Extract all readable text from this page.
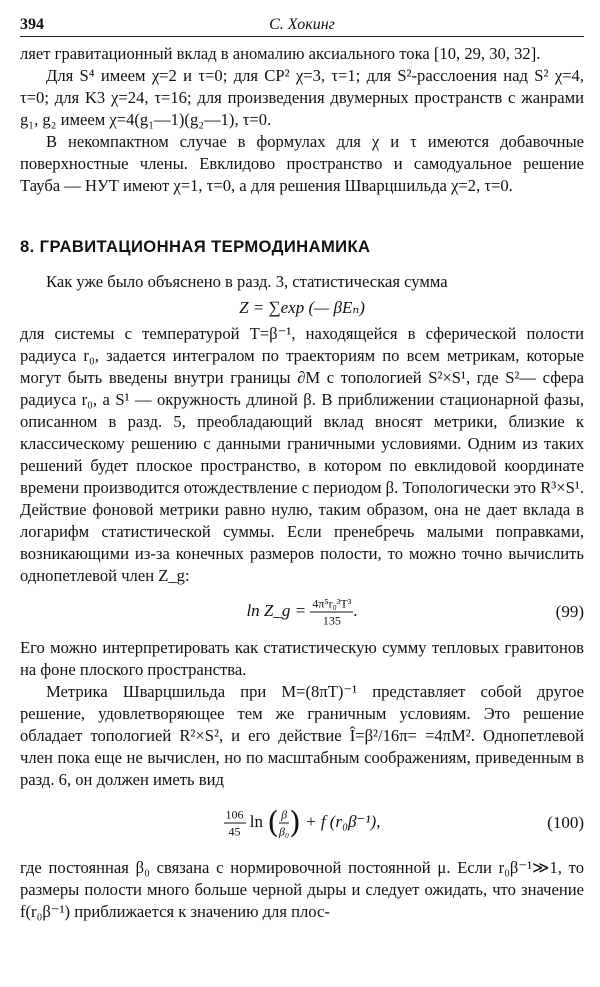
394	С. Хокинг

ляет гравитационный вклад в аномалию аксиального тока [10, 29, 30, 32].

Для S⁴ имеем χ=2 и τ=0; для CP² χ=3, τ=1; для S²-расслоения над S² χ=4, τ=0; для K3 χ=24, τ=16; для произведения двумерных пространств с жанрами g₁, g₂ имеем χ=4(g₁—1)(g₂—1), τ=0.

В некомпактном случае в формулах для χ и τ имеются добавочные поверхностные члены. Евклидово пространство и самодуальное решение Тауба — НУТ имеют χ=1, τ=0, а для решения Шварцшильда χ=2, τ=0.

8. ГРАВИТАЦИОННАЯ ТЕРМОДИНАМИКА

Как уже было объяснено в разд. 3, статистическая сумма

Z = ∑exp (— βEₙ)

для системы с температурой T=β⁻¹, находящейся в сферической полости радиуса r₀, задается интегралом по траекториям по всем метрикам, которые могут быть введены внутри границы ∂M с топологией S²×S¹, где S²— сфера радиуса r₀, а S¹ — окружность длиной β. В приближении стационарной фазы, описанном в разд. 5, преобладающий вклад вносят метрики, близкие к классическому решению с данными граничными условиями. Одним из таких решений будет плоское пространство, в котором по евклидовой координате времени производится отождествление с периодом β. Топологически это R³×S¹. Действие фоновой метрики равно нулю, таким образом, она не дает вклада в логарифм статистической суммы. Если пренебречь малыми поправками, возникающими из-за конечных размеров полости, то можно точно вычислить однопетлевой член Z_g:

ln Z_g = $\frac{\text{4π⁵r₀³T³}}{135}$ .	(99)

Его можно интерпретировать как статистическую сумму тепловых гравитонов на фоне плоского пространства.

Метрика Шварцшильда при M=(8πT)⁻¹ представляет собой другое решение, удовлетворяющее тем же граничным условиям. Это решение обладает топологией R²×S², и его действие Î=β²/16π= =4πM². Однопетлевой член пока еще не вычислен, но по масштабным соображениям, приведенным в разд. 6, он должен иметь вид

$\frac{106}{45}$ ln ( $\frac{\beta}{\text{β₀}}$ ) + f (r₀β⁻¹),	(100)

где постоянная β₀ связана с нормировочной постоянной μ. Если r₀β⁻¹≫1, то размеры полости много больше черной дыры и следует ожидать, что значение f(r₀β⁻¹) приближается к значению для плос-
